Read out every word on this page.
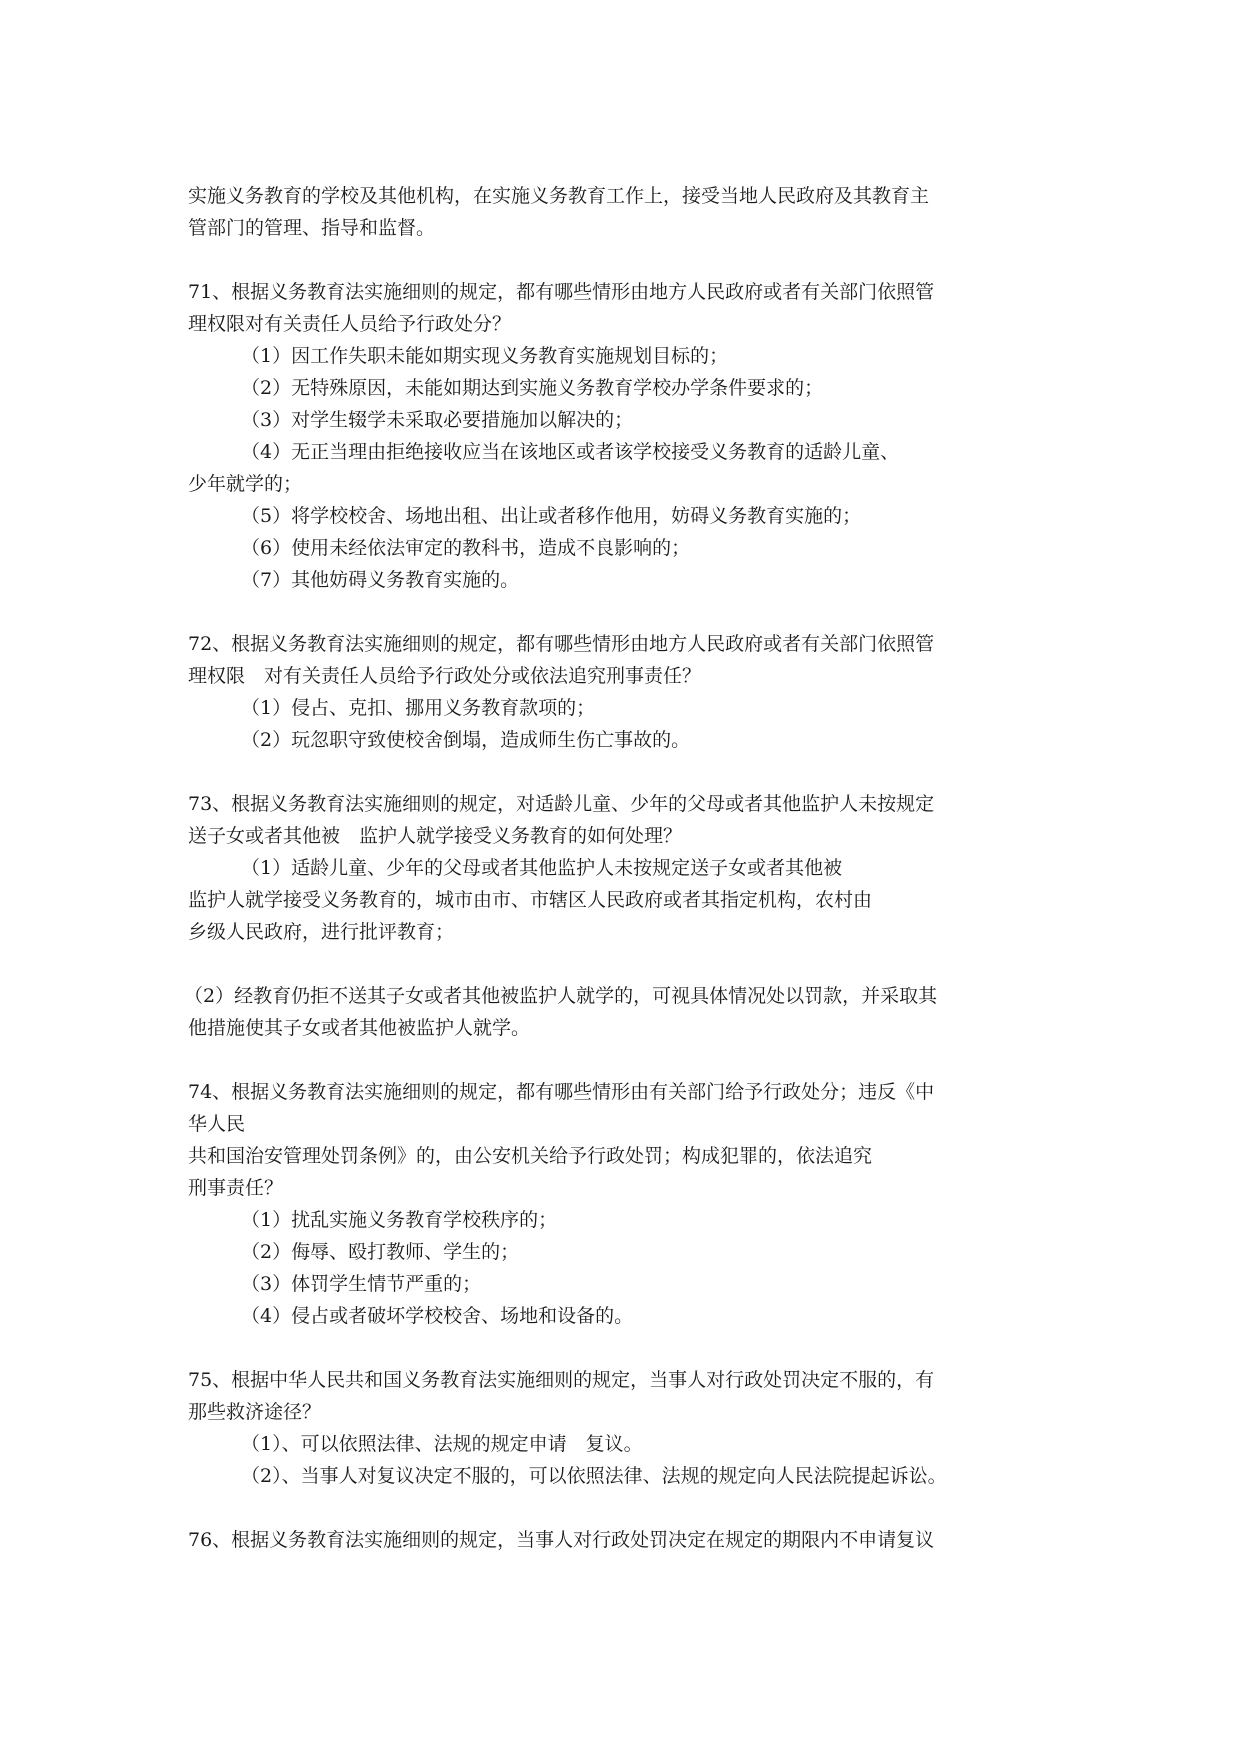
实施义务教育的学校及其他机构，在实施义务教育工作上，接受当地人民政府及其教育主
管部门的管理、指导和监督。
71、根据义务教育法实施细则的规定，都有哪些情形由地方人民政府或者有关部门依照管
理权限对有关责任人员给予行政处分？
（1）因工作失职未能如期实现义务教育实施规划目标的；
（2）无特殊原因，未能如期达到实施义务教育学校办学条件要求的；
（3）对学生辍学未采取必要措施加以解决的；
（4）无正当理由拒绝接收应当在该地区或者该学校接受义务教育的适龄儿童、
少年就学的；
（5）将学校校舍、场地出租、出让或者移作他用，妨碍义务教育实施的；
（6）使用未经依法审定的教科书，造成不良影响的；
（7）其他妨碍义务教育实施的。
72、根据义务教育法实施细则的规定，都有哪些情形由地方人民政府或者有关部门依照管
理权限　对有关责任人员给予行政处分或依法追究刑事责任？
（1）侵占、克扣、挪用义务教育款项的；
（2）玩忽职守致使校舍倒塌，造成师生伤亡事故的。
73、根据义务教育法实施细则的规定，对适龄儿童、少年的父母或者其他监护人未按规定
送子女或者其他被　监护人就学接受义务教育的如何处理？
（1）适龄儿童、少年的父母或者其他监护人未按规定送子女或者其他被
监护人就学接受义务教育的，城市由市、市辖区人民政府或者其指定机构，农村由
乡级人民政府，进行批评教育；
（2）经教育仍拒不送其子女或者其他被监护人就学的，可视具体情况处以罚款，并采取其
他措施使其子女或者其他被监护人就学。
74、根据义务教育法实施细则的规定，都有哪些情形由有关部门给予行政处分；违反《中
华人民
共和国治安管理处罚条例》的，由公安机关给予行政处罚；构成犯罪的，依法追究
刑事责任？
（1）扰乱实施义务教育学校秩序的；
（2）侮辱、殴打教师、学生的；
（3）体罚学生情节严重的；
（4）侵占或者破坏学校校舍、场地和设备的。
75、根据中华人民共和国义务教育法实施细则的规定，当事人对行政处罚决定不服的，有
那些救济途径？
（1）、可以依照法律、法规的规定申请　复议。
（2）、当事人对复议决定不服的，可以依照法律、法规的规定向人民法院提起诉讼。
76、根据义务教育法实施细则的规定，当事人对行政处罚决定在规定的期限内不申请复议
